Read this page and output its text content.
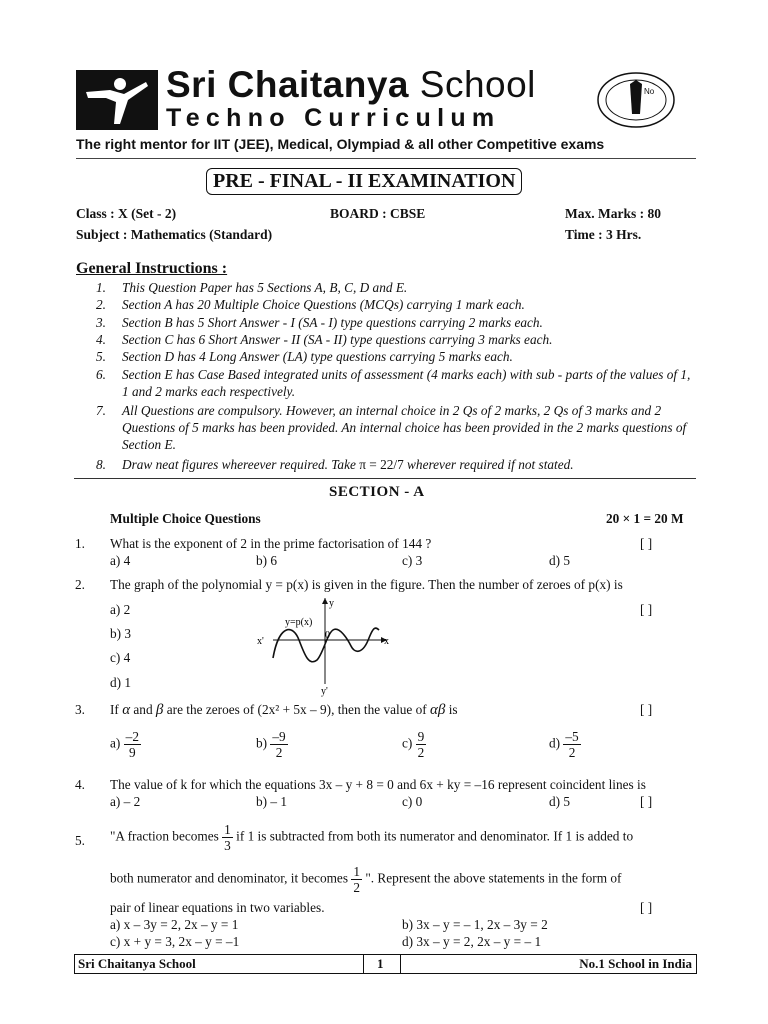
Sri Chaitanya School
Techno Curriculum
The right mentor for IIT (JEE), Medical, Olympiad & all other Competitive exams
No
PRE - FINAL - II EXAMINATION
Class : X (Set - 2)	BOARD : CBSE	Max. Marks : 80
Subject : Mathematics (Standard)	Time : 3 Hrs.
General Instructions :
1. This Question Paper has 5 Sections A, B, C, D and E.
2. Section A has 20 Multiple Choice Questions (MCQs) carrying 1 mark each.
3. Section B has 5 Short Answer - I (SA - I) type questions carrying 2 marks each.
4. Section C has 6 Short Answer - II (SA - II) type questions carrying 3 marks each.
5. Section D has 4 Long Answer (LA) type questions carrying 5 marks each.
6. Section E has Case Based integrated units of assessment (4 marks each) with sub - parts of the values of 1, 1 and 2 marks each respectively.
7. All Questions are compulsory. However, an internal choice in 2 Qs of 2 marks, 2 Qs of 3 marks and 2 Questions of 5 marks has been provided. An internal choice has been provided in the 2 marks questions of Section E.
8. Draw neat figures whereever required. Take π = 22/7 wherever required if not stated.
SECTION - A
Multiple Choice Questions	20 × 1 = 20 M
1. What is the exponent of 2 in the prime factorisation of 144 ?	[ ]
a) 4	b) 6	c) 3	d) 5
2. The graph of the polynomial y = p(x) is given in the figure. Then the number of zeroes of p(x) is
[ ]
a) 2
b) 3
c) 4
d) 1
y
y=p(x)
x'
0
x
y'
3. If α and β are the zeroes of (2x² + 5x – 9), then the value of αβ is	[ ]
$a) \frac{-2}{9}$	$b) \frac{-9}{2}$	$c) \frac{9}{2}$	$d) \frac{-5}{2}$
4. The value of k for which the equations 3x – y + 8 = 0 and 6x + ky = –16 represent coincident lines is
a) – 2	b) – 1	c) 0	d) 5	[ ]
5. "A fraction becomes $\frac{1}{3}$ if 1 is subtracted from both its numerator and denominator. If 1 is added to
both numerator and denominator, it becomes $\frac{1}{2}$ ". Represent the above statements in the form of
pair of linear equations in two variables.	[ ]
a) x – 3y = 2, 2x – y = 1	b) 3x – y = – 1, 2x – 3y = 2
c) x + y = 3, 2x – y = –1	d) 3x – y = 2, 2x – y = – 1
Sri Chaitanya School	1	No.1 School in India
